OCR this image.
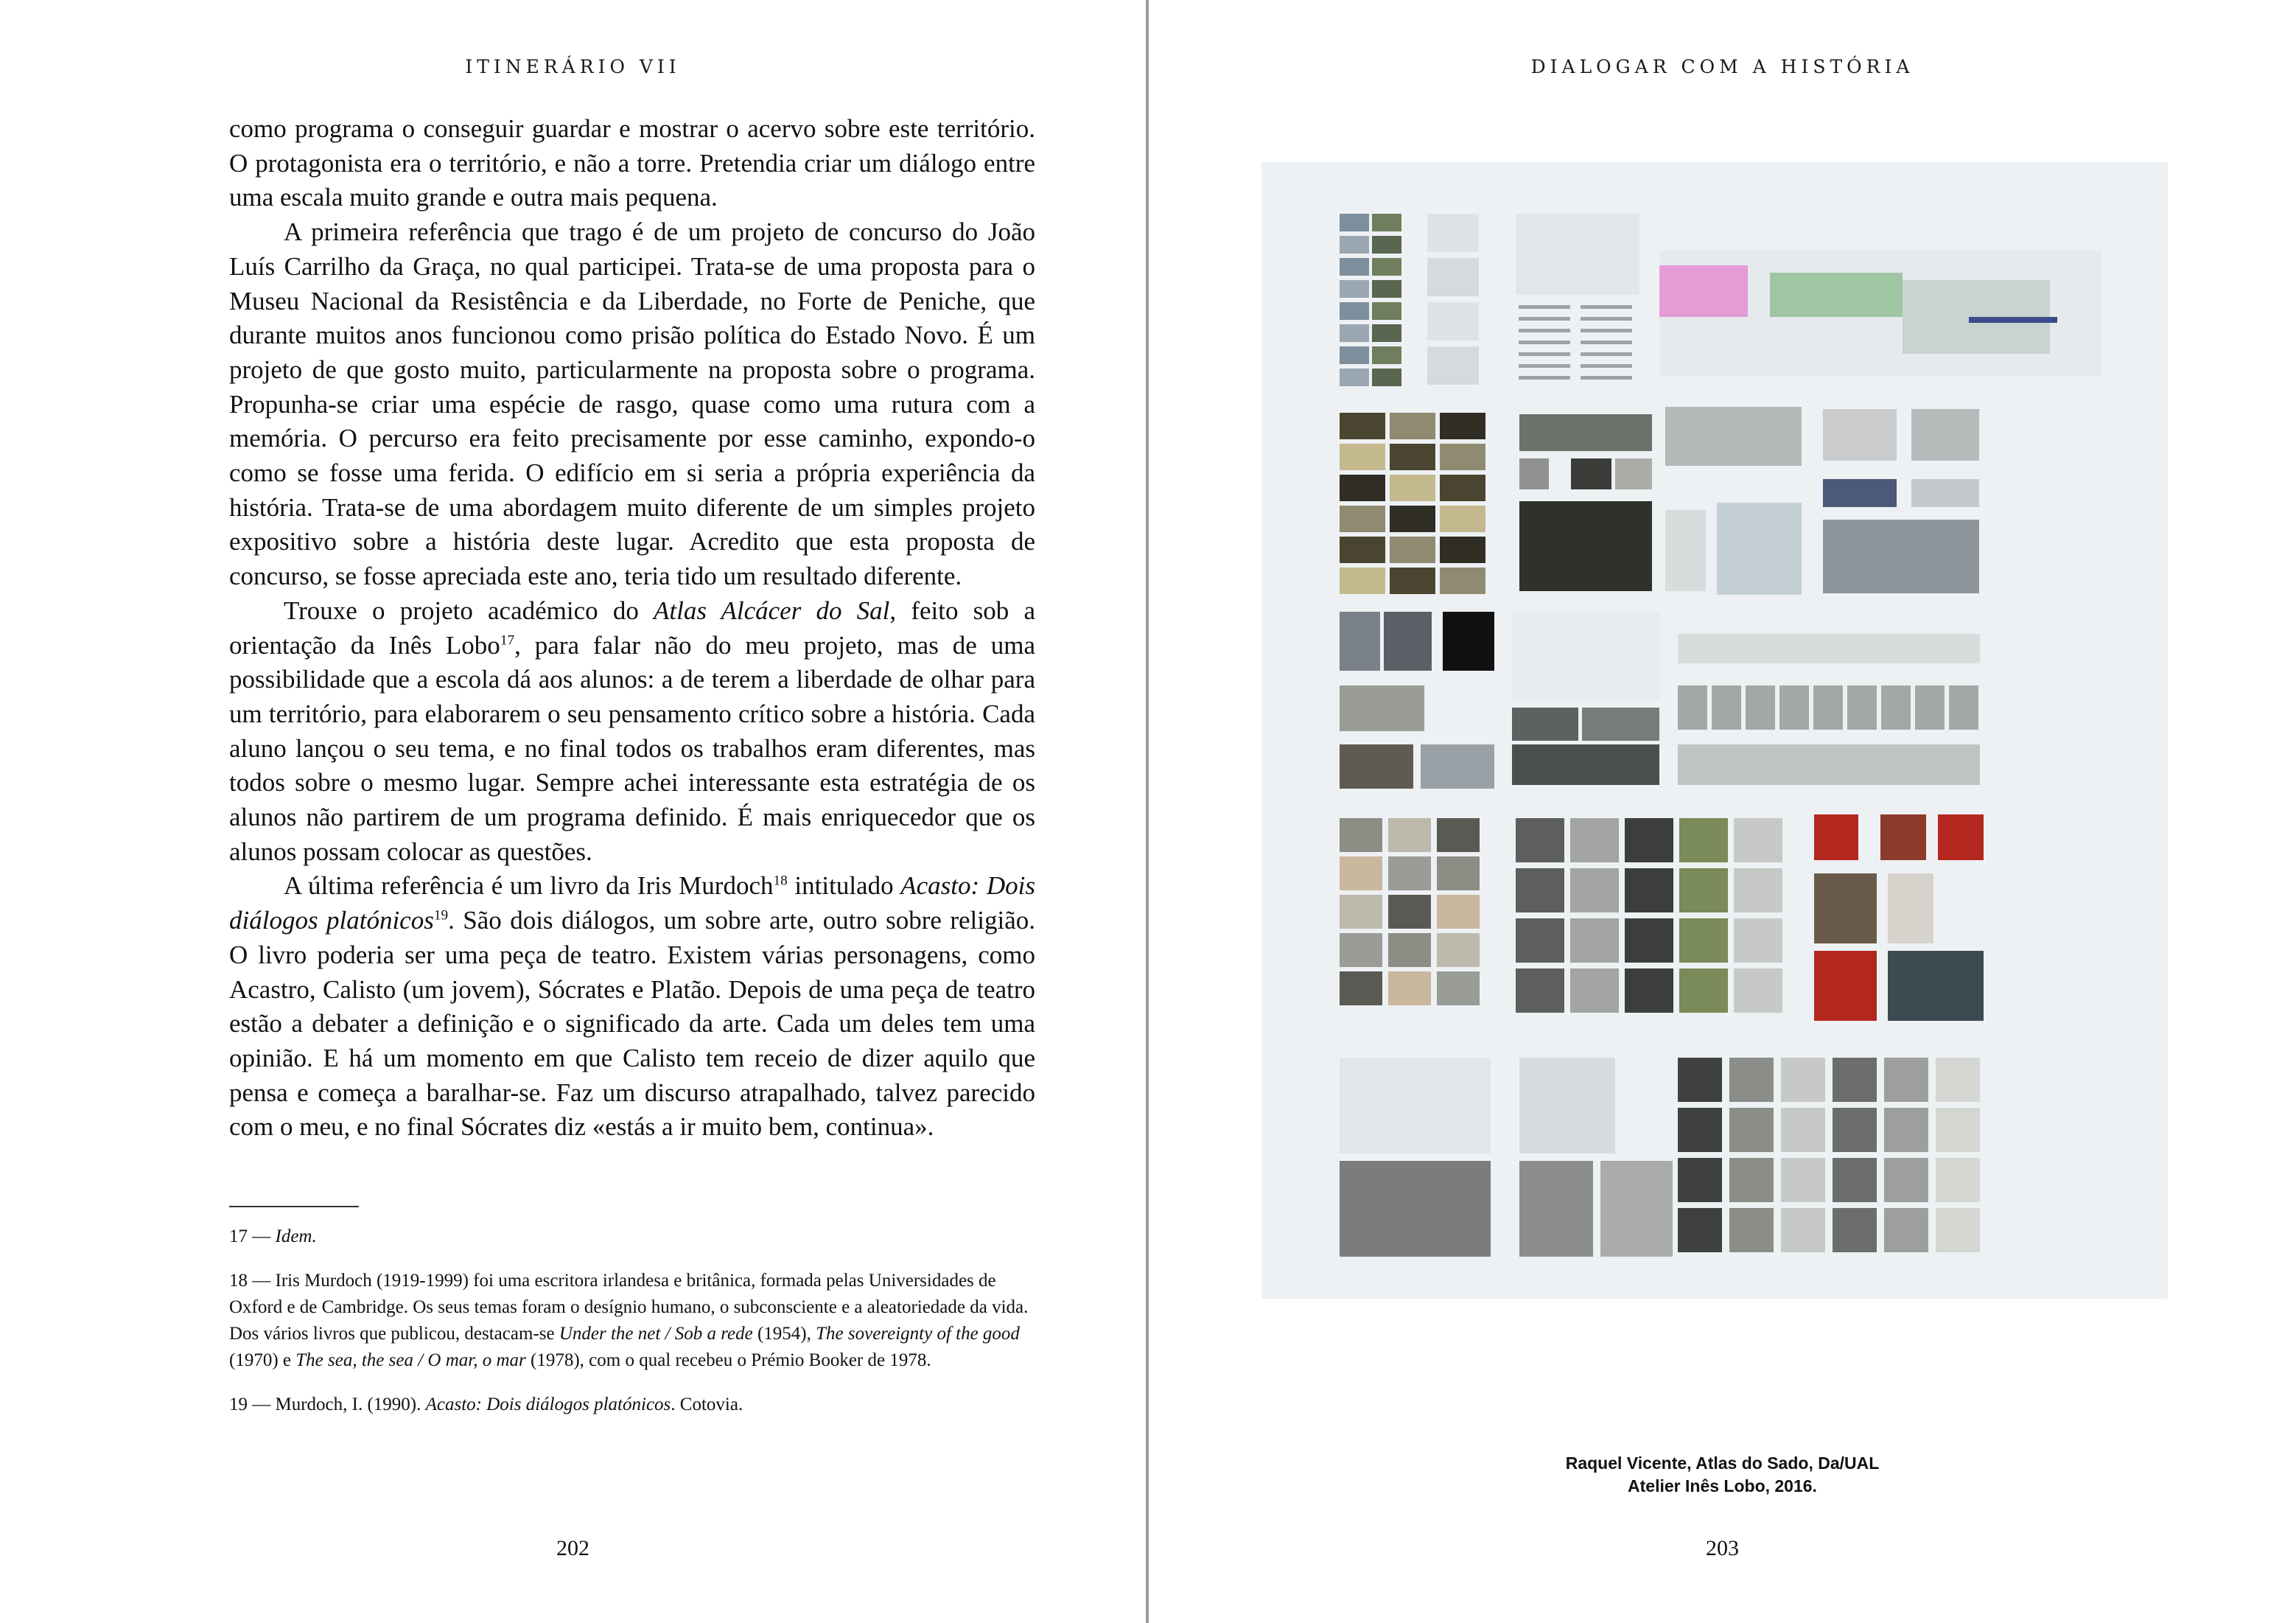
ITINERÁRIO VII

como programa o conseguir guardar e mostrar o acervo sobre este território. O protagonista era o território, e não a torre. Pretendia criar um diálogo entre uma escala muito grande e outra mais pequena.

A primeira referência que trago é de um projeto de concurso do João Luís Carrilho da Graça, no qual participei. Trata-se de uma proposta para o Museu Nacional da Resistência e da Liberdade, no Forte de Peniche, que durante muitos anos funcionou como prisão política do Estado Novo. É um projeto de que gosto muito, particularmente na proposta sobre o programa. Propunha-se criar uma espécie de rasgo, quase como uma rutura com a memória. O percurso era feito precisamente por esse caminho, expondo-o como se fosse uma ferida. O edifício em si seria a própria experiência da história. Trata-se de uma abordagem muito diferente de um simples projeto expositivo sobre a história deste lugar. Acredito que esta proposta de concurso, se fosse apreciada este ano, teria tido um resultado diferente.

Trouxe o projeto académico do Atlas Alcácer do Sal, feito sob a orientação da Inês Lobo$^{17}$, para falar não do meu projeto, mas de uma possibilidade que a escola dá aos alunos: a de terem a liberdade de olhar para um território, para elaborarem o seu pensamento crítico sobre a história. Cada aluno lançou o seu tema, e no final todos os trabalhos eram diferentes, mas todos sobre o mesmo lugar. Sempre achei interessante esta estratégia de os alunos não partirem de um programa definido. É mais enriquecedor que os alunos possam colocar as questões.

A última referência é um livro da Iris Murdoch$^{18}$ intitulado Acasto: Dois diálogos platónicos$^{19}$. São dois diálogos, um sobre arte, outro sobre religião. O livro poderia ser uma peça de teatro. Existem várias personagens, como Acastro, Calisto (um jovem), Sócrates e Platão. Depois de uma peça de teatro estão a debater a definição e o significado da arte. Cada um deles tem uma opinião. E há um momento em que Calisto tem receio de dizer aquilo que pensa e começa a baralhar-se. Faz um discurso atrapalhado, talvez parecido com o meu, e no final Sócrates diz «estás a ir muito bem, continua».

17 — Idem.

18 — Iris Murdoch (1919-1999) foi uma escritora irlandesa e britânica, formada pelas Universidades de Oxford e de Cambridge. Os seus temas foram o desígnio humano, o subconsciente e a aleatoriedade da vida. Dos vários livros que publicou, destacam-se Under the net / Sob a rede (1954), The sovereignty of the good (1970) e The sea, the sea / O mar, o mar (1978), com o qual recebeu o Prémio Booker de 1978.

19 — Murdoch, I. (1990). Acasto: Dois diálogos platónicos. Cotovia.

202
DIALOGAR COM A HISTÓRIA
203
Raquel Vicente, Atlas do Sado, Da/UAL
Atelier Inês Lobo, 2016.
